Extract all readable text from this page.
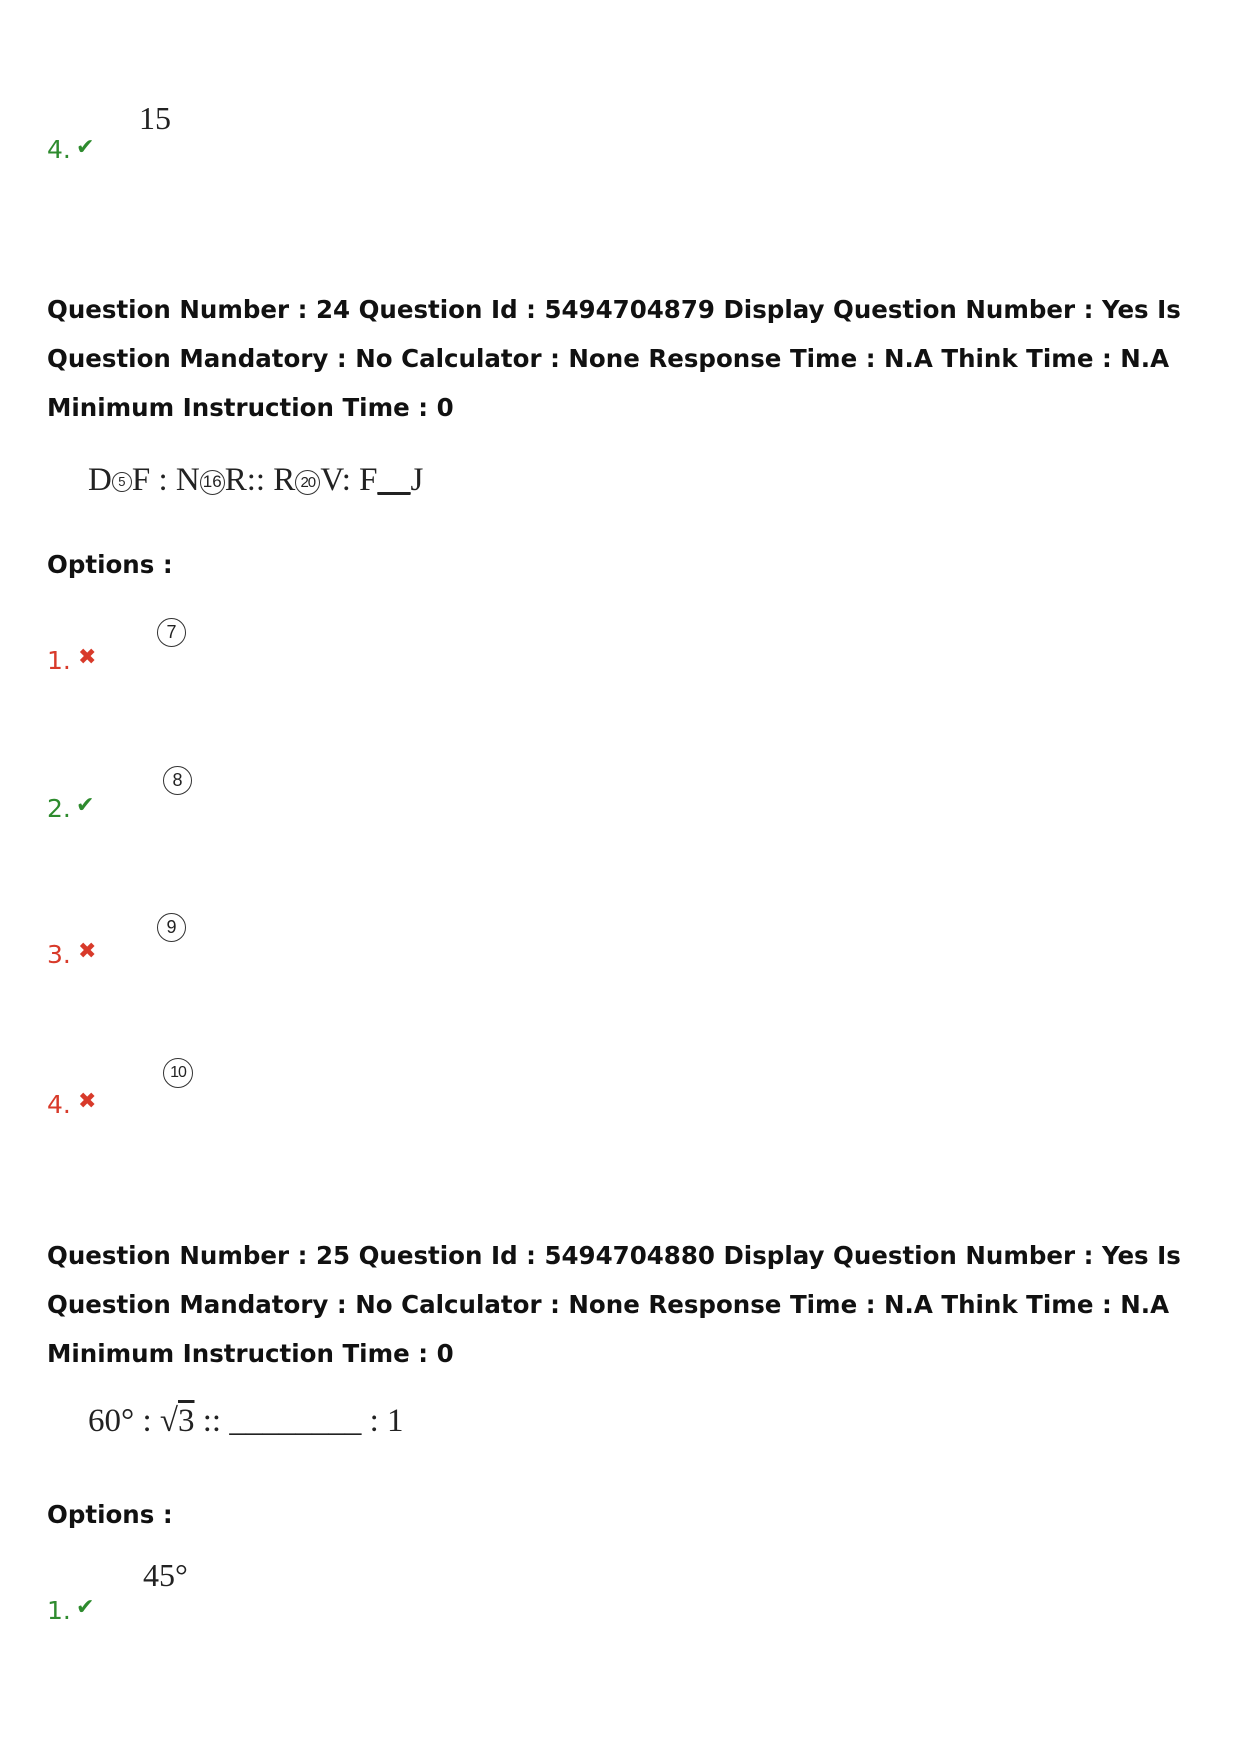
4. ✔
15
Question Number : 24 Question Id : 5494704879 Display Question Number : Yes Is Question Mandatory : No Calculator : None Response Time : N.A Think Time : N.A Minimum Instruction Time : 0
D 5 F : N 16R:: R 20 V: F__J
Options :
1. ✖
7
2. ✔
8
3. ✖
9
4. ✖
10
Question Number : 25 Question Id : 5494704880 Display Question Number : Yes Is Question Mandatory : No Calculator : None Response Time : N.A Think Time : N.A Minimum Instruction Time : 0
60° : √3 :: ________ : 1
Options :
1. ✔
45°
